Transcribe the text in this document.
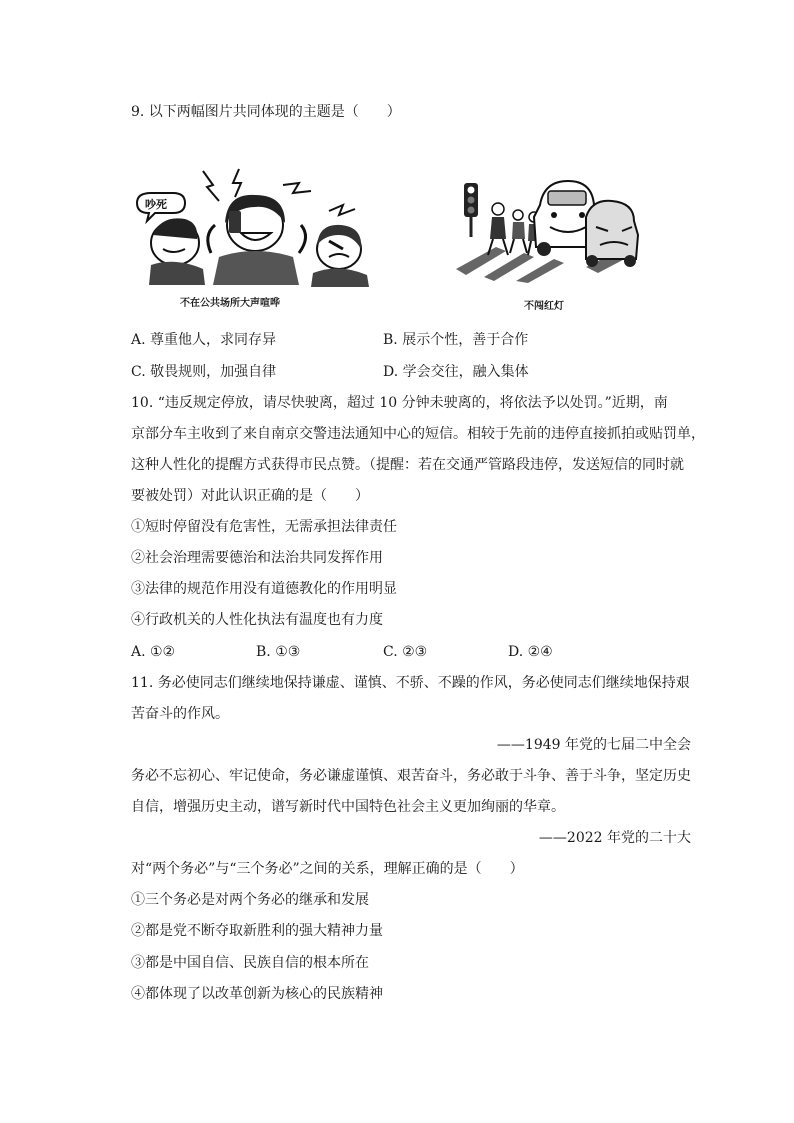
9. 以下两幅图片共同体现的主题是（　　）
吵死
不在公共场所大声喧哗	不闯红灯
A. 尊重他人，求同存异	B. 展示个性，善于合作
C. 敬畏规则，加强自律	D. 学会交往，融入集体
10. “违反规定停放，请尽快驶离，超过 10 分钟未驶离的，将依法予以处罚。”近期，南
京部分车主收到了来自南京交警违法通知中心的短信。相较于先前的违停直接抓拍或贴罚单，
这种人性化的提醒方式获得市民点赞。（提醒：若在交通严管路段违停，发送短信的同时就
要被处罚）对此认识正确的是（　　）
①短时停留没有危害性，无需承担法律责任
②社会治理需要德治和法治共同发挥作用
③法律的规范作用没有道德教化的作用明显
④行政机关的人性化执法有温度也有力度
A. ①②	B. ①③	C. ②③	D. ②④
11. 务必使同志们继续地保持谦虚、谨慎、不骄、不躁的作风，务必使同志们继续地保持艰
苦奋斗的作风。
——1949 年党的七届二中全会
务必不忘初心、牢记使命，务必谦虚谨慎、艰苦奋斗，务必敢于斗争、善于斗争，坚定历史
自信，增强历史主动，谱写新时代中国特色社会主义更加绚丽的华章。
——2022 年党的二十大
对“两个务必”与“三个务必”之间的关系，理解正确的是（　　）
①三个务必是对两个务必的继承和发展
②都是党不断夺取新胜利的强大精神力量
③都是中国自信、民族自信的根本所在
④都体现了以改革创新为核心的民族精神
